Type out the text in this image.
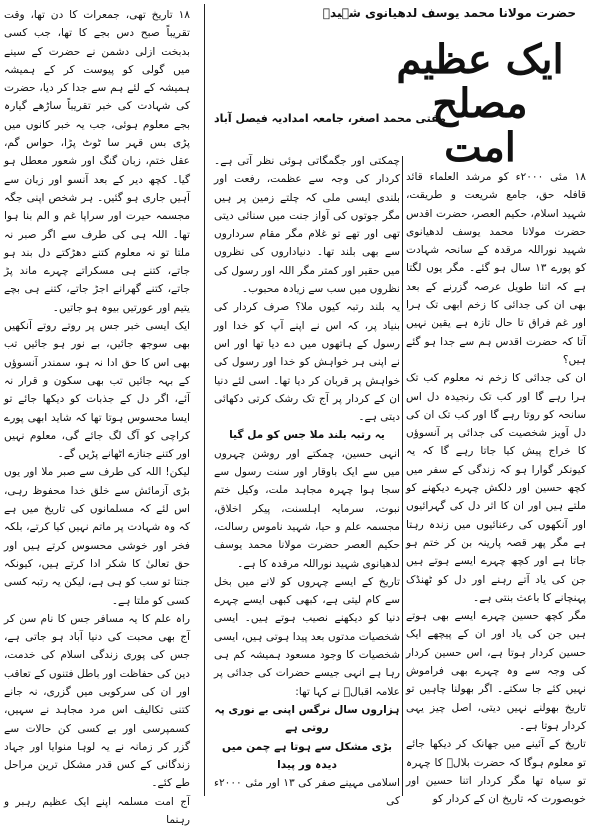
حضرت مولانا محمد یوسف لدھیانوی شہیدؒ
ایک عظیم مصلح امت
مفتی محمد اصغر، جامعہ امدادیہ فیصل آباد

۱۸ مئی ۲۰۰۰ء کو مرشد العلماء قائد قافلہ حق، جامع شریعت و طریقت، شہید اسلام، حکیم العصر، حضرت اقدس حضرت مولانا محمد یوسف لدھیانوی شہید نوراللہ مرقدہ کے سانحہ شہادت کو پورے ۱۳ سال ہو گئے۔ مگر یوں لگتا ہے کہ اتنا طویل عرصہ گزرنے کے بعد بھی ان کی جدائی کا زخم ابھی تک ہرا اور غم فراق تا حال تازہ ہے یقین نہیں آتا کہ حضرت اقدس ہم سے جدا ہو گئے ہیں؟

ان کی جدائی کا زخم نہ معلوم کب تک ہرا رہے گا اور کب تک رنجیدہ دل اس سانحہ کو روتا رہے گا اور کب تک ان کی دل آویز شخصیت کی جدائی پر آنسوؤں کا خراج پیش کیا جاتا رہے گا کہ یہ کیونکر گوارا ہو کہ زندگی کے سفر میں کچھ حسین اور دلکش چہرے دیکھنے کو ملتے ہیں اور ان کا اثر دل کی گہرائیوں اور آنکھوں کی رعنائیوں میں زندہ رہتا ہے مگر پھر قصہ پارینہ بن کر ختم ہو جاتا ہے اور کچھ چہرے ایسے ہوتے ہیں جن کی یاد آتے رہنے اور دل کو ٹھنڈک پہنچانے کا باعث بنتی ہے۔

مگر کچھ حسین چہرے ایسے بھی ہوتے ہیں جن کی یاد اور ان کے پیچھے ایک حسین کردار ہوتا ہے، اس حسین کردار کی وجہ سے وہ چہرے بھی فراموش نہیں کئے جا سکتے۔ اگر بھولنا چاہیں تو تاریخ بھولنے نہیں دیتی، اصل چیز یہی کردار ہوتا ہے۔

تاریخ کے آئینے میں جھانک کر دیکھا جائے تو معلوم ہوگا کہ حضرت بلالؓ کا چہرہ تو سیاہ تھا مگر کردار اتنا حسین اور خوبصورت کہ تاریخ ان کے کردار کو

چمکتی اور جگمگاتی ہوئی نظر آتی ہے۔ کردار کی وجہ سے عظمت، رفعت اور بلندی ایسی ملی کہ چلتے زمین پر ہیں مگر جوتوں کی آواز جنت میں سنائی دیتی تھی اور تھے تو غلام مگر مقام سرداروں سے بھی بلند تھا۔ دنیاداروں کی نظروں میں حقیر اور کمتر مگر اللہ اور رسول کی نظروں میں سب سے زیادہ محبوب۔

یہ بلند رتبہ کیوں ملا؟ صرف کردار کی بنیاد پر، کہ اس نے اپنے آپ کو خدا اور رسول کے ہاتھوں میں دے دیا تھا اور اس نے اپنی ہر خواہش کو خدا اور رسول کی خواہش پر قربان کر دیا تھا۔ اسی لئے دنیا ان کے کردار پر آج تک رشک کرتی دکھائی دیتی ہے۔

یہ رتبہ بلند ملا جس کو مل گیا

انہی حسین، چمکتے اور روشن چہروں میں سے ایک باوقار اور سنت رسول سے سجا ہوا چہرہ مجاہد ملت، وکیل ختم نبوت، سرمایہ اہلسنت، پیکر اخلاق، مجسمہ علم و حیا، شہید ناموس رسالت، حکیم العصر حضرت مولانا محمد یوسف لدھیانوی شہید نوراللہ مرقدہ کا ہے۔

تاریخ کے ایسے چہروں کو لانے میں بخل سے کام لیتی ہے، کبھی کبھی ایسے چہرے دنیا کو دیکھنے نصیب ہوتے ہیں۔ ایسی شخصیات مدتوں بعد پیدا ہوتی ہیں، ایسی شخصیات کا وجود مسعود ہمیشہ کم ہی رہا ہے انہی جیسے حضرات کی جدائی پر علامہ اقبالؒ نے کہا تھا:

ہزاروں سال نرگس اپنی بے نوری پہ روتی ہے

بڑی مشکل سے ہوتا ہے چمن میں دیدہ ور پیدا

اسلامی مہینے صفر کی ۱۳ اور مئی ۲۰۰۰ء کی

۱۸ تاریخ تھی، جمعرات کا دن تھا، وقت تقریباً صبح دس بجے کا تھا، جب کسی بدبخت ازلی دشمن نے حضرت کے سینے میں گولی کو پیوست کر کے ہمیشہ ہمیشہ کے لئے ہم سے جدا کر دیا، حضرت کی شہادت کی خبر تقریباً ساڑھے گیارہ بجے معلوم ہوئی، جب یہ خبر کانوں میں پڑی بس قہر سا ٹوٹ پڑا، حواس گم، عقل ختم، زبان گنگ اور شعور معطل ہو گیا۔ کچھ دیر کے بعد آنسو اور زبان سے آہیں جاری ہو گئیں۔ ہر شخص اپنی جگہ مجسمہ حیرت اور سراپا غم و الم بنا ہوا تھا۔ اللہ ہی کی طرف سے اگر صبر نہ ملتا تو نہ معلوم کتنے دھڑکتے دل بند ہو جاتے، کتنے ہی مسکراتے چہرے ماند پڑ جاتے، کتنے گھرانے اجڑ جاتے، کتنے ہی بچے یتیم اور عورتیں بیوہ ہو جاتیں۔

ایک ایسی خبر جس پر روتے روتے آنکھیں بھی سوجھ جائیں، بے نور ہو جائیں تب بھی اس کا حق ادا نہ ہو، سمندر آنسوؤں کے بہہ جائیں تب بھی سکون و قرار نہ آئے، اگر دل کے جذبات کو دیکھا جائے تو ایسا محسوس ہوتا تھا کہ شاید ابھی پورے کراچی کو آگ لگ جائے گی، معلوم نہیں اور کتنے جنازے اٹھانے پڑیں گے۔

لیکن! اللہ کی طرف سے صبر ملا اور یوں بڑی آزمائش سے خلق خدا محفوظ رہی، اس لئے کہ مسلمانوں کی تاریخ میں ہے کہ وہ شہادت پر ماتم نہیں کیا کرتے، بلکہ فخر اور خوشی محسوس کرتے ہیں اور حق تعالیٰ کا شکر ادا کرتے ہیں، کیونکہ جنتا تو سب کو ہی ہے، لیکن یہ رتبہ کسی کسی کو ملتا ہے۔

راہ علم کا یہ مسافر جس کا نام سن کر آج بھی محبت کی دنیا آباد ہو جاتی ہے، جس کی پوری زندگی اسلام کی خدمت، دین کی حفاظت اور باطل فتنوں کے تعاقب اور ان کی سرکوبی میں گزری، نہ جانے کتنی تکالیف اس مرد مجاہد نے سہیں، کسمپرسی اور بے کسی کن حالات سے گزر کر زمانہ نے یہ لوہا منوایا اور جہاد زندگانی کے کس قدر مشکل ترین مراحل طے کئے۔

آج امت مسلمہ اپنے ایک عظیم رہبر و رہنما
